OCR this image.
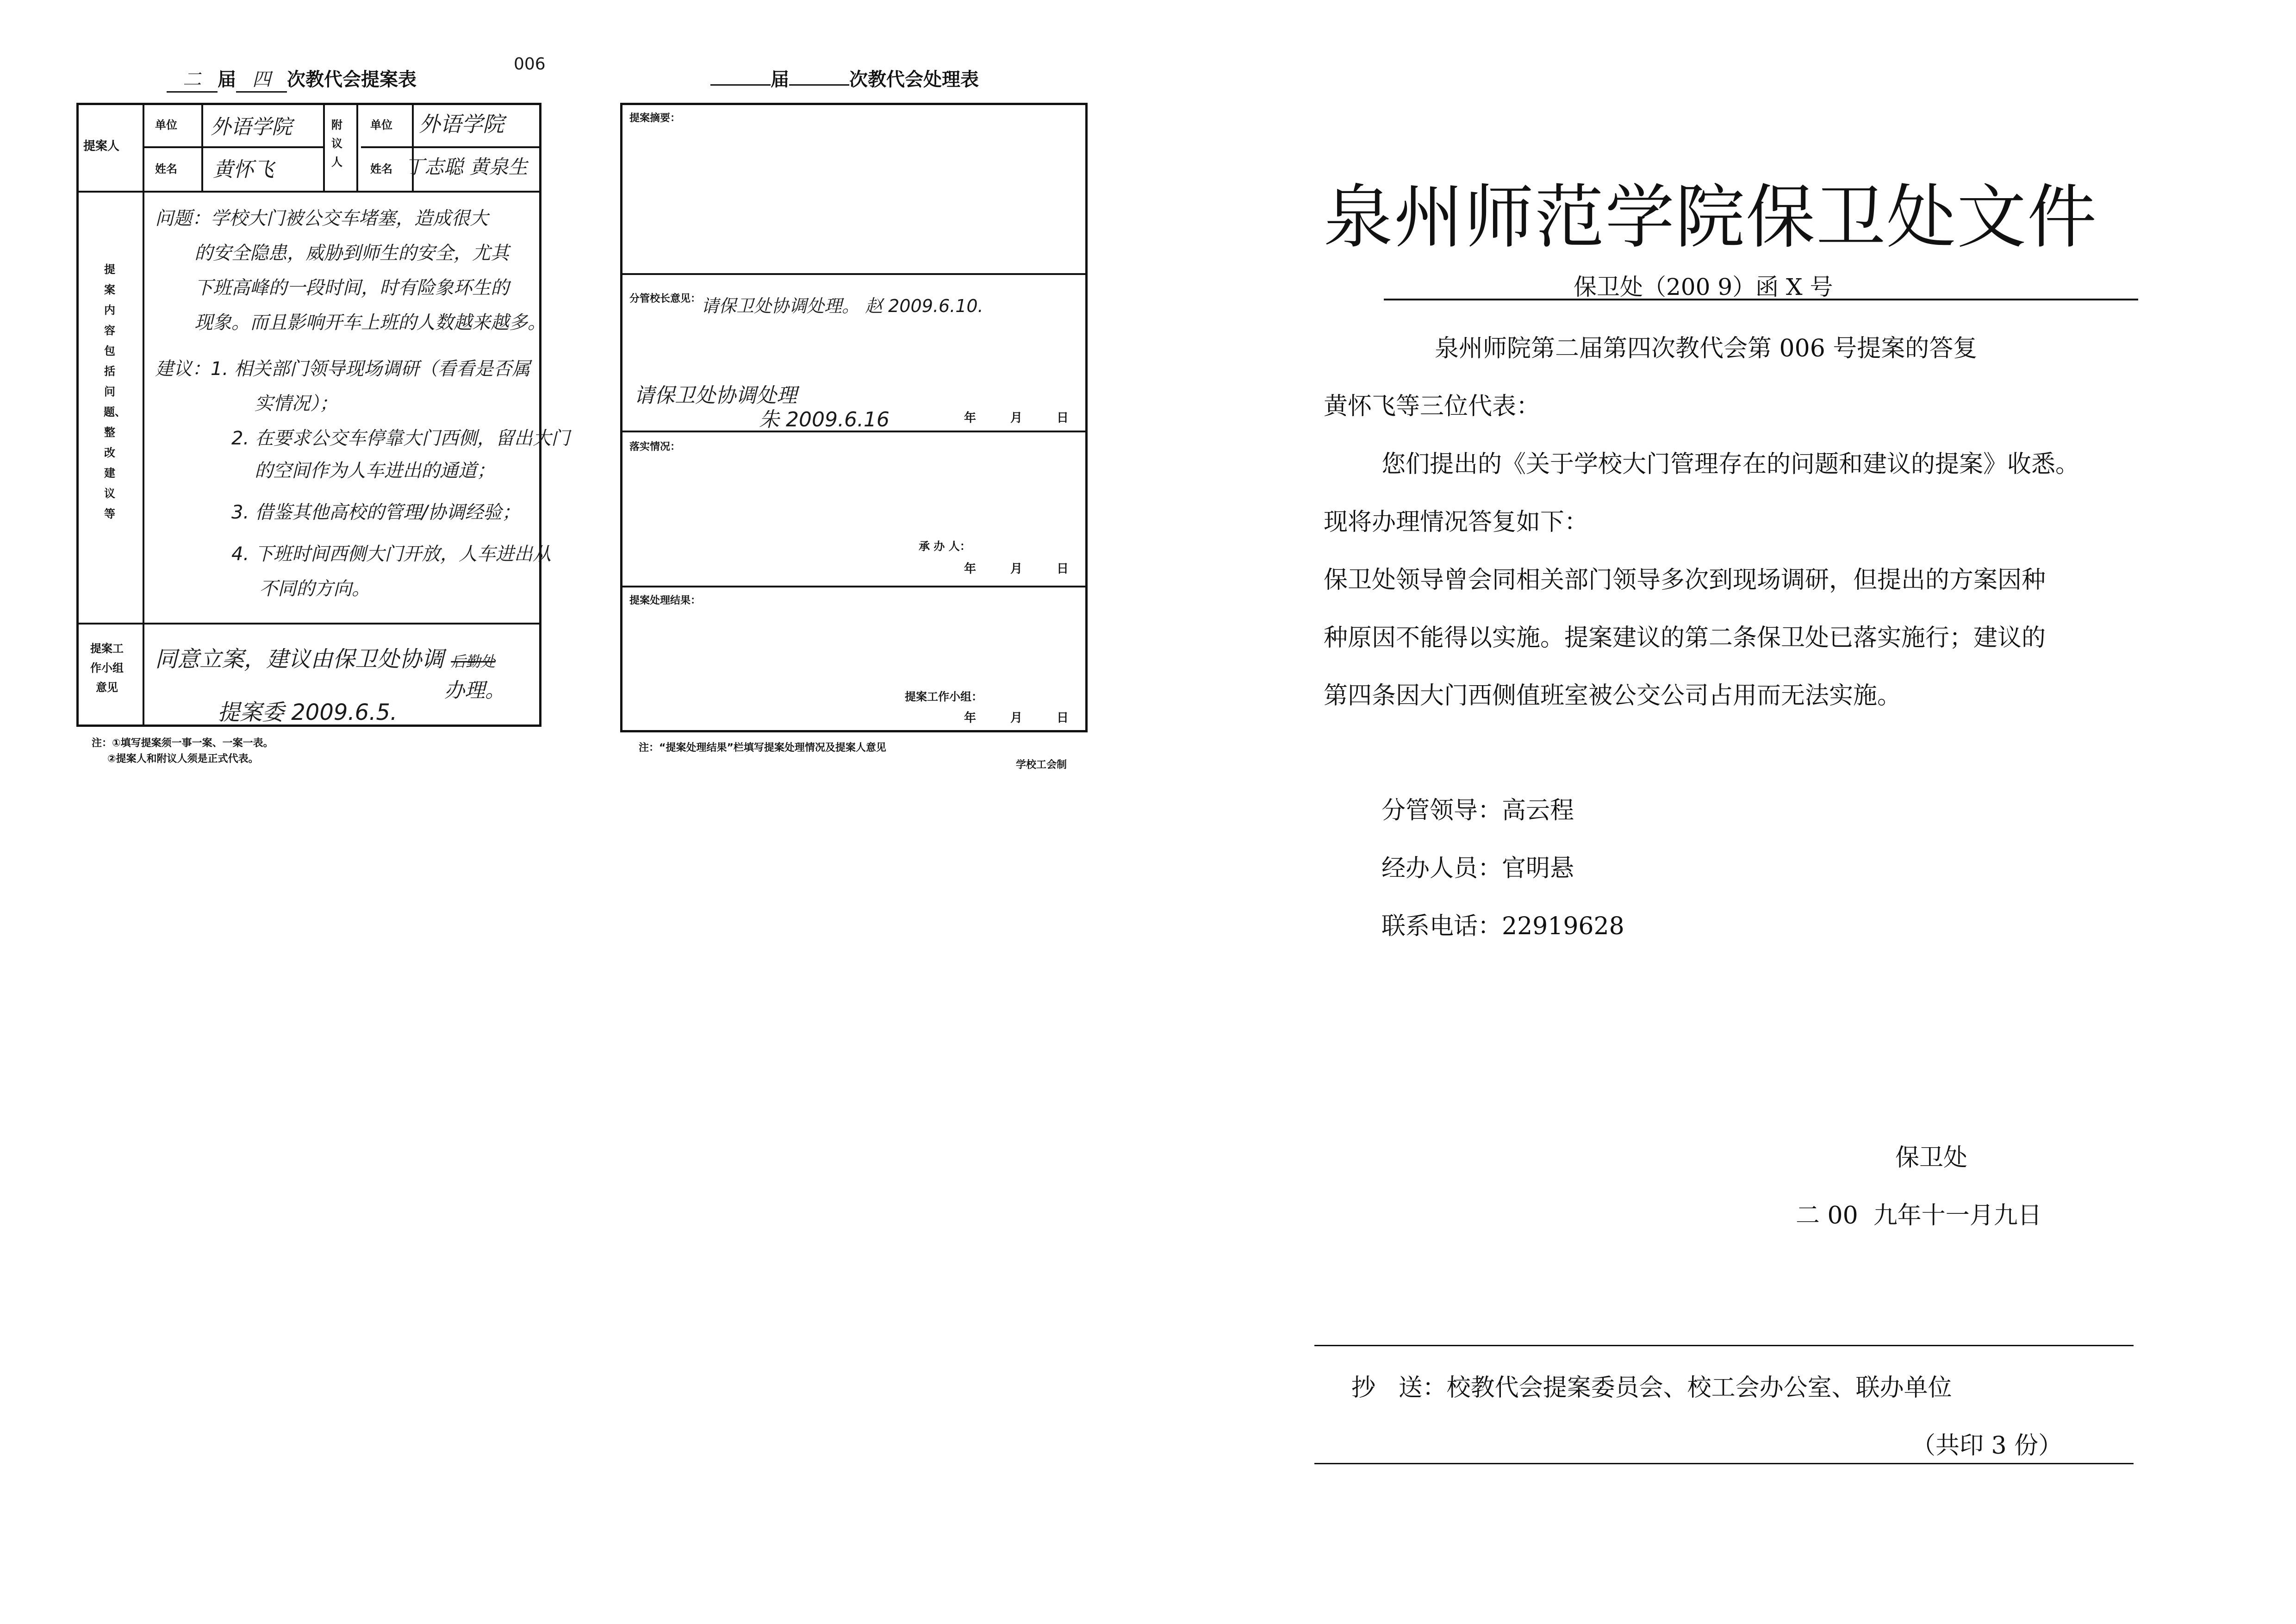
二 届 四 次教代会提案表
006
提案人
单位 外语学院
姓名 黄怀飞
附议人
单位 外语学院
姓名 丁志聪 黄泉生
提案内容包括问题、整改建议等
问题：学校大门被公交车堵塞，造成很大
的安全隐患，威胁到师生的安全，尤其
下班高峰的一段时间，时有险象环生的
现象。而且影响开车上班的人数越来越多。
建议：1. 相关部门领导现场调研（看看是否属
实情况）；
2. 在要求公交车停靠大门西侧，留出大门
的空间作为人车进出的通道；
3. 借鉴其他高校的管理/协调经验；
4. 下班时间西侧大门开放，人车进出从
不同的方向。
提案工作小组意见
同意立案，建议由保卫处协调 后勤处
办理。
提案委 2009.6.5.
注：①填写提案须一事一案、一案一表。
②提案人和附议人须是正式代表。
届	次教代会处理表
提案摘要：
分管校长意见： 请保卫处协调处理。 赵 2009.6.10.
请保卫处协调处理
朱 2009.6.16	年	月	日
落实情况：
承 办 人：
年	月	日
提案处理结果：
提案工作小组：
年	月	日
注：“提案处理结果”栏填写提案处理情况及提案人意见
学校工会制
泉州师范学院保卫处文件
保卫处（200 9）函 X 号
泉州师院第二届第四次教代会第 006 号提案的答复
黄怀飞等三位代表：
您们提出的《关于学校大门管理存在的问题和建议的提案》收悉。
现将办理情况答复如下：
保卫处领导曾会同相关部门领导多次到现场调研，但提出的方案因种
种原因不能得以实施。提案建议的第二条保卫处已落实施行；建议的
第四条因大门西侧值班室被公交公司占用而无法实施。
分管领导：高云程
经办人员：官明悬
联系电话：22919628
保卫处
二 00  九年十一月九日
抄   送：校教代会提案委员会、校工会办公室、联办单位
（共印 3 份）
